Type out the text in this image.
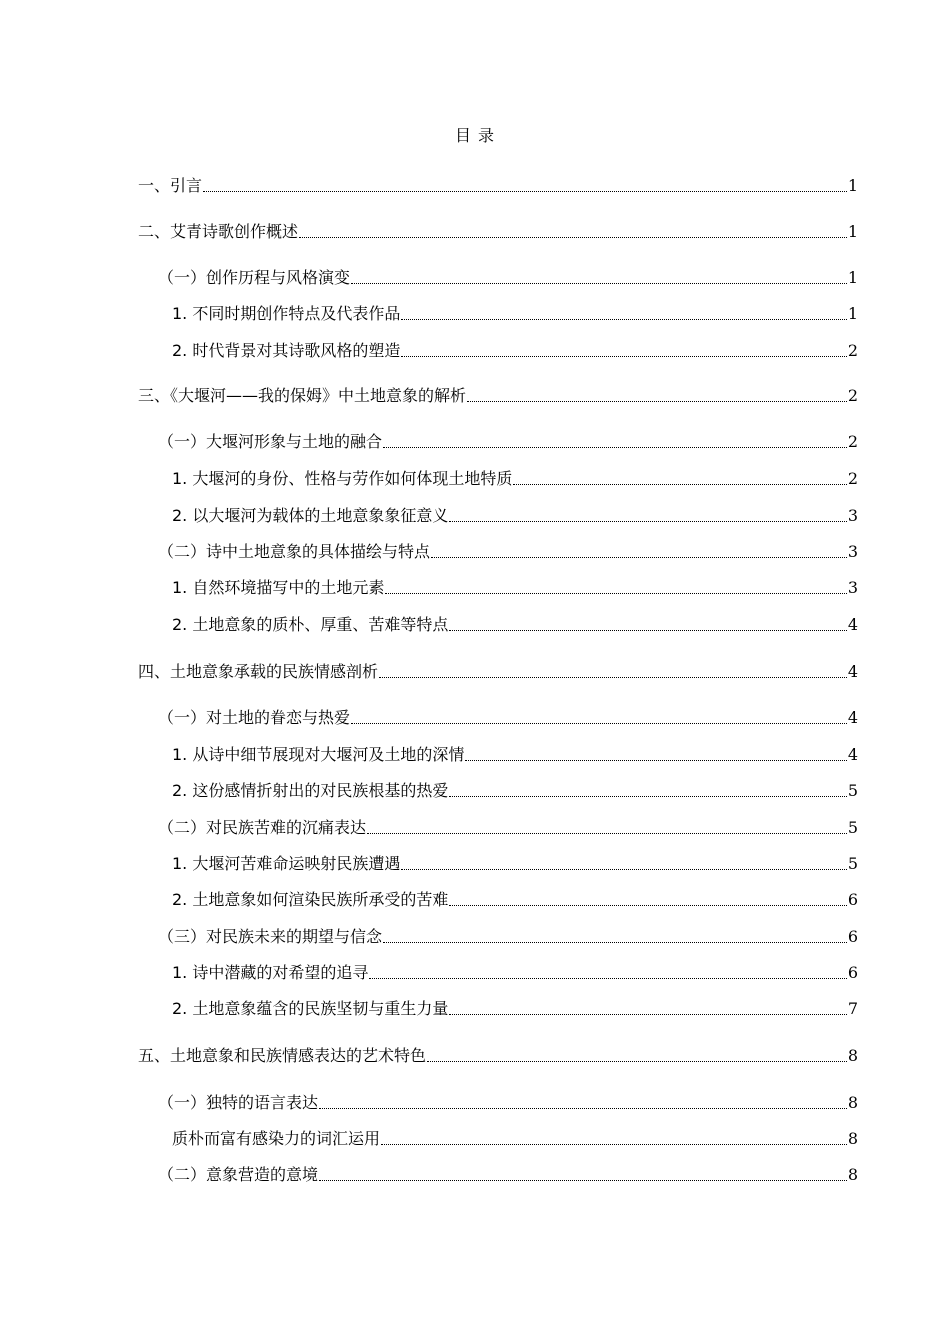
目 录
一、引言	1
二、艾青诗歌创作概述	1
（一）创作历程与风格演变	1
1. 不同时期创作特点及代表作品	1
2. 时代背景对其诗歌风格的塑造	2
三、《大堰河——我的保姆》中土地意象的解析	2
（一）大堰河形象与土地的融合	2
1. 大堰河的身份、性格与劳作如何体现土地特质	2
2. 以大堰河为载体的土地意象象征意义	3
（二）诗中土地意象的具体描绘与特点	3
1. 自然环境描写中的土地元素	3
2. 土地意象的质朴、厚重、苦难等特点	4
四、土地意象承载的民族情感剖析	4
（一）对土地的眷恋与热爱	4
1. 从诗中细节展现对大堰河及土地的深情	4
2. 这份感情折射出的对民族根基的热爱	5
（二）对民族苦难的沉痛表达	5
1. 大堰河苦难命运映射民族遭遇	5
2. 土地意象如何渲染民族所承受的苦难	6
（三）对民族未来的期望与信念	6
1. 诗中潜藏的对希望的追寻	6
2. 土地意象蕴含的民族坚韧与重生力量	7
五、土地意象和民族情感表达的艺术特色	8
（一）独特的语言表达	8
质朴而富有感染力的词汇运用	8
（二）意象营造的意境	8
